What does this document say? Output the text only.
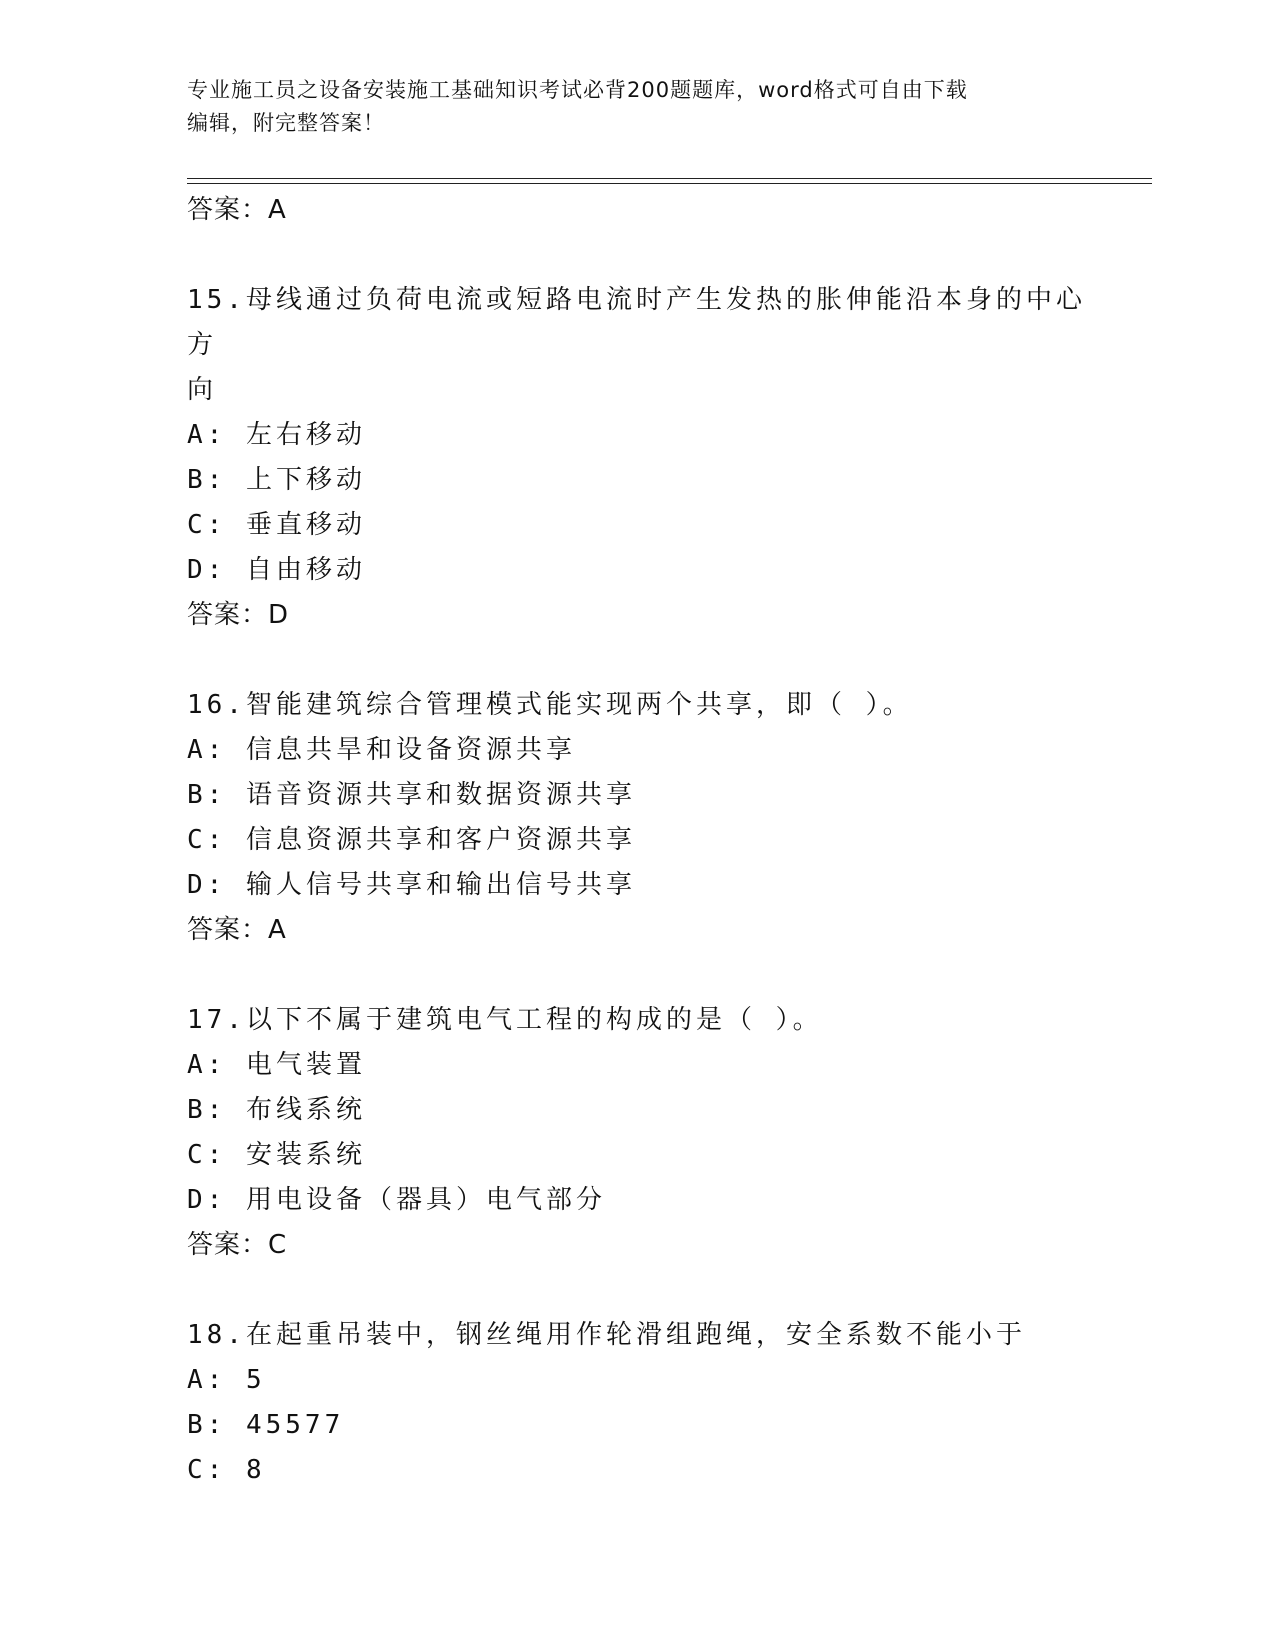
专业施工员之设备安装施工基础知识考试必背200题题库，word格式可自由下载
编辑，附完整答案！
答案：A
15.母线通过负荷电流或短路电流时产生发热的胀伸能沿本身的中心方
向
A: 左右移动
B: 上下移动
C: 垂直移动
D: 自由移动
答案：D
16.智能建筑综合管理模式能实现两个共享，即（ ）。
A: 信息共旱和设备资源共享
B: 语音资源共享和数据资源共享
C: 信息资源共享和客户资源共享
D: 输人信号共享和输出信号共享
答案：A
17.以下不属于建筑电气工程的构成的是（ ）。
A: 电气装置
B: 布线系统
C: 安装系统
D: 用电设备（器具）电气部分
答案：C
18.在起重吊装中，钢丝绳用作轮滑组跑绳，安全系数不能小于
A: 5
B: 45577
C: 8
